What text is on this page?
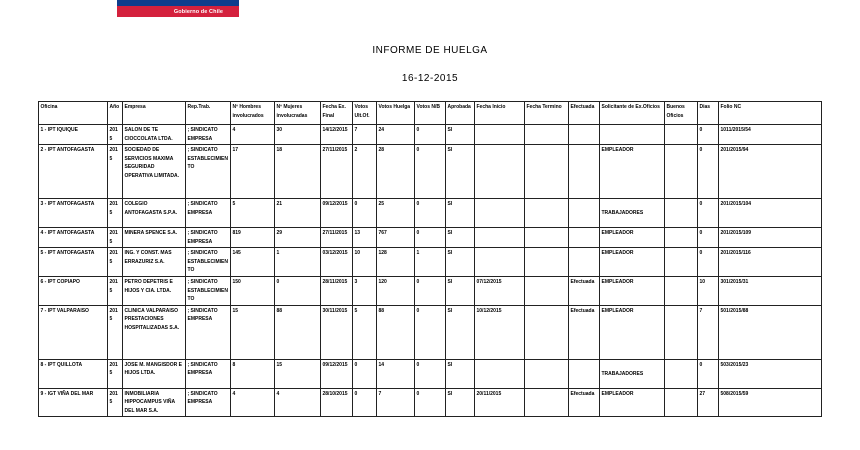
Gobierno de Chile
INFORME DE HUELGA
16-12-2015
Oficina	Año	Empresa	Rep.Trab.	Nº Hombres involucrados	Nº Mujeres involucradas	Fecha Ex. Final	Votos Ult.Of.	Votos Huelga	Votos N/B	Aprobada	Fecha Inicio	Fecha Termino	Efectuada	Solicitante de Ex.Oficios	Buenos Oficios	Dias	Folio NC
1 - IPT IQUIQUE	2015	SALON DE TE CIOCCOLATA LTDA.	; SINDICATO EMPRESA	4	30	14/12/2015	7	24	0	SI						0	1011/2015/54
2 - IPT ANTOFAGASTA	2015	SOCIEDAD DE SERVICIOS MAXIMA SEGURIDAD OPERATIVA LIMITADA.	; SINDICATO ESTABLECIMIENTO	17	18	27/11/2015	2	28	0	SI				EMPLEADOR		0	201/2015/94
3 - IPT ANTOFAGASTA	2015	COLEGIO ANTOFAGASTA S.P.A.	; SINDICATO EMPRESA	5	21	09/12/2015	0	25	0	SI				TRABAJADORES		0	201/2015/104
4 - IPT ANTOFAGASTA	2015	MINERA SPENCE S.A.	; SINDICATO EMPRESA	819	29	27/11/2015	13	767	0	SI				EMPLEADOR		0	201/2015/109
5 - IPT ANTOFAGASTA	2015	ING. Y CONST. MAS ERRAZURIZ S.A.	; SINDICATO ESTABLECIMIENTO	145	1	03/12/2015	10	128	1	SI				EMPLEADOR		0	201/2015/116
6 - IPT COPIAPO	2015	PETRO DEPETRIS E HIJOS Y CIA. LTDA.	; SINDICATO ESTABLECIMIENTO	150	0	28/11/2015	3	120	0	SI	07/12/2015		Efectuada	EMPLEADOR		10	301/2015/31
7 - IPT VALPARAISO	2015	CLINICA VALPARAISO PRESTACIONES HOSPITALIZADAS S.A.	; SINDICATO EMPRESA	15	88	30/11/2015	5	88	0	SI	10/12/2015		Efectuada	EMPLEADOR		7	501/2015/88
8 - IPT QUILLOTA	2015	JOSE M. MANGISDOR E HIJOS LTDA.	; SINDICATO EMPRESA	8	15	09/12/2015	0	14	0	SI				TRABAJADORES		0	503/2015/23
9 - IGT VIÑA DEL MAR	2015	INMOBILIARIA HIPPOCAMPUS VIÑA DEL MAR S.A.	; SINDICATO EMPRESA	4	4	28/10/2015	0	7	0	SI	20/11/2015		Efectuada	EMPLEADOR		27	508/2015/59
